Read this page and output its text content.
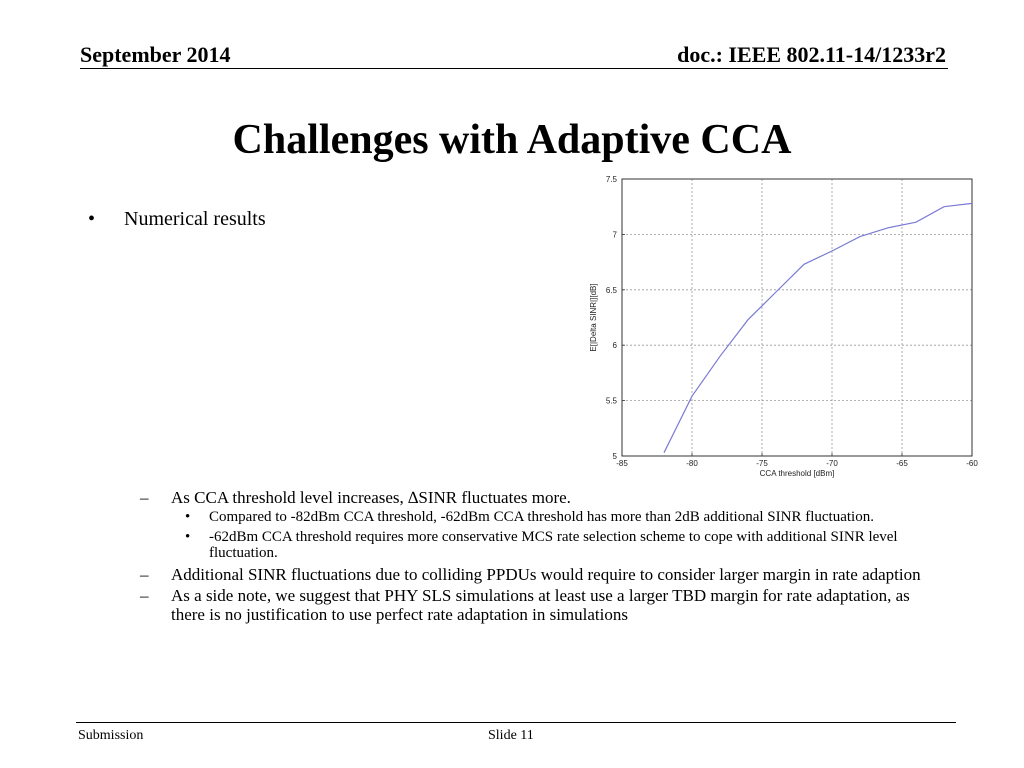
September 2014	doc.: IEEE 802.11-14/1233r2
Challenges with Adaptive CCA
• Numerical results
-85	-80	-75	-70	-65	-60
5
5.5
6
6.5
7
7.5
CCA threshold [dBm]
E[|Delta SINR|][dB]
– As CCA threshold level increases, ∆SINR fluctuates more.
• Compared to -82dBm CCA threshold, -62dBm CCA threshold has more than 2dB additional SINR fluctuation.
• -62dBm CCA threshold requires more conservative MCS rate selection scheme to cope with additional SINR level fluctuation.
– Additional SINR fluctuations due to colliding PPDUs would require to consider larger margin in rate adaption
– As a side note, we suggest that PHY SLS simulations at least use a larger TBD margin for rate adaptation, as there is no justification to use perfect rate adaptation in simulations
Submission	Slide 11
